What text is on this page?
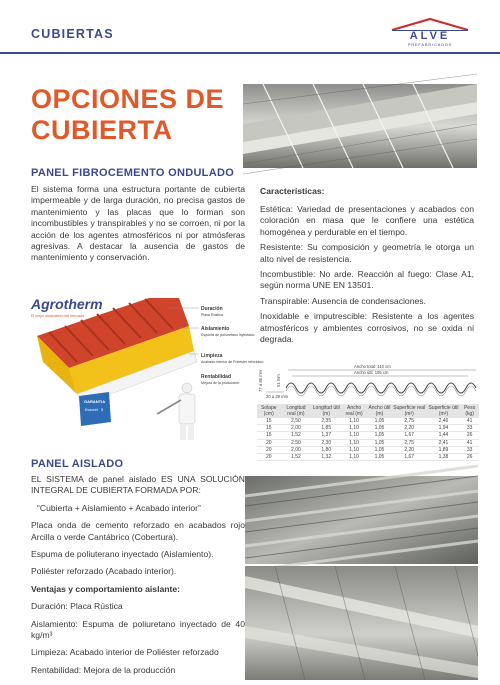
CUBIERTAS	ALVE
PREFABRICADOS
OPCIONES DE
CUBIERTA
PANEL FIBROCEMENTO ONDULADO
El sistema forma una estructura portante de cubierta impermeable y de larga duración, no precisa gastos de mantenimiento y las placas que lo forman son incombustibles y transpirables y no se corroen, ni por la acción de los agentes atmosféricos ni por atmósferas agresivas. A destacar la ausencia de gastos de mantenimiento y conservación.
Agrotherm
El mejor aislamiento del mercado
GARANTIA
Euronit 5
Duración
Placa Rústica
Aislamiento
Espuma de poliuretano inyectado
Limpieza
Acabado interior de Poliéster reforzado
Rentabilidad
Mejora de la producción
Características:

Estética: Variedad de presentaciones y acabados con coloración en masa que le confiere una estética homogénea y perdurable en el tiempo.

Resistente: Su composición y geometría le otorga un alto nivel de resistencia.

Incombustible: No arde. Reacción al fuego: Clase A1, según norma UNE EN 13501.

Transpirable: Ausencia de condensaciones.

Inoxidable e imputrescible: Resistente a los agentes atmosféricos y ambientes corrosivos, no se oxida ni degrada.

Ancho total: 110 cm
Ancho útil: 105 cm
20 a 29 mm
77 a 86 mm	51 mm
Solape (cm)	Longitud real (m)	Longitud útil (m)	Ancho real (m)	Ancho útil (m)	Superficie real (m²)	Superficie útil (m²)	Peso (kg)
15	2,50	2,35	1,10	1,05	2,75	2,46	41
15	2,00	1,85	1,10	1,05	2,20	1,94	33
15	1,52	1,37	1,10	1,05	1,67	1,44	26
20	2,50	2,30	1,10	1,05	2,75	2,41	41
20	2,00	1,80	1,10	1,05	2,20	1,89	33
20	1,52	1,32	1,10	1,05	1,67	1,38	26
PANEL AISLADO

EL SISTEMA de panel aislado ES UNA SOLUCIÓN INTEGRAL DE CUBIERTA FORMADA POR:

“Cubierta + Aislamiento + Acabado interior”

Placa onda de cemento reforzado en acabados rojo Arcilla o verde Cantábrico (Cobertura).

Espuma de poliuterano inyectado (Aislamiento).

Poliéster reforzado (Acabado interior).

Ventajas y comportamiento aislante:

Duración: Placa Rústica

Aislamiento: Espuma de poliuretano inyectado de 40 kg/m³

Limpieza: Acabado interior de Poliéster reforzado

Rentabilidad: Mejora de la producción
